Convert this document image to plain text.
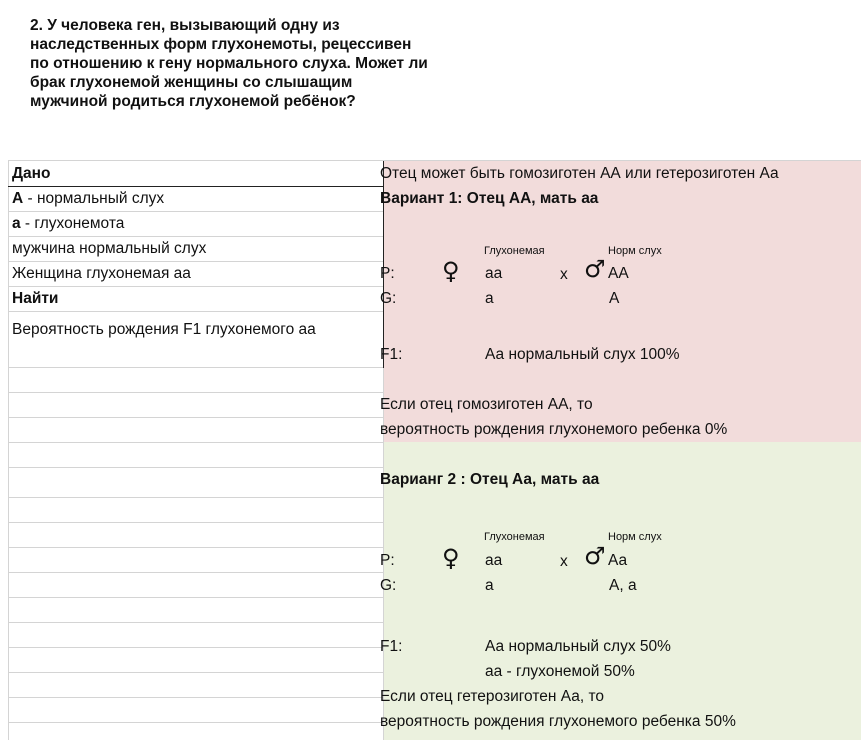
2. У человека ген, вызывающий одну из наследственных форм глухонемоты, рецессивен по отношению к гену нормального слуха. Может ли брак глухонемой женщины со слышащим мужчиной родиться глухонемой ребёнок?
Дано
А - нормальный слух
а - глухонемота
мужчина нормальный слух
Женщина глухонемая аа
Найти
Вероятность рождения F1 глухонемого аа
Отец может быть гомозиготен АА или гетерозиготен Аа
Вариант 1: Отец АА, мать аа
Глухонемая	Норм слух
P: ♀ аа	x ♂ АА
G:	а	А
F1:	Аа нормальный слух 100%
Если отец гомозиготен АА, то
вероятность рождения глухонемого ребенка 0%
Варианг 2 : Отец Аа, мать аа
Глухонемая	Норм слух
P: ♀ аа	x ♂ Аа
G:	а	А, а
F1:	Аа нормальный слух 50%
аа - глухонемой 50%
Если отец гетерозиготен Аа, то
вероятность рождения глухонемого ребенка 50%
